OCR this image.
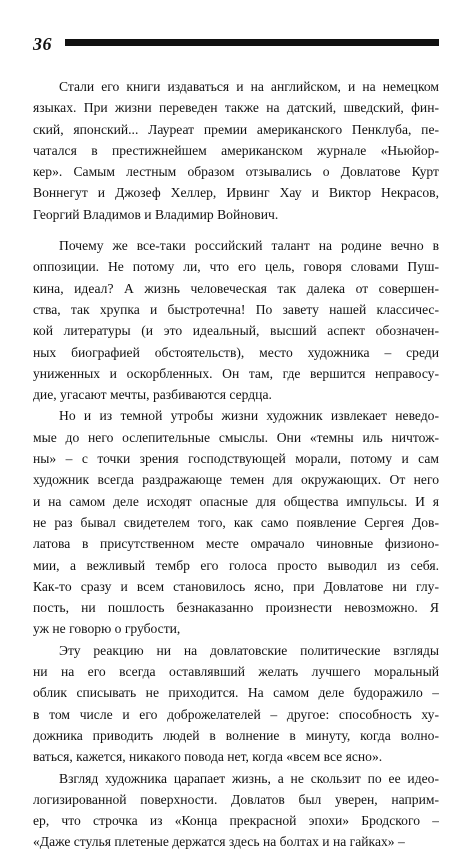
36
Стали его книги издаваться и на английском, и на немецком
языках. При жизни переведен также на датский, шведский, фин-
ский, японский... Лауреат премии американского Пенклуба, пе-
чатался в престижнейшем американском журнале «Ньюйор-
кер». Самым лестным образом отзывались о Довлатове Курт
Воннегут и Джозеф Хеллер, Ирвинг Хау и Виктор Некрасов,
Георгий Владимов и Владимир Войнович.
Почему же все-таки российский талант на родине вечно в
оппозиции. Не потому ли, что его цель, говоря словами Пуш-
кина, идеал? А жизнь человеческая так далека от совершен-
ства, так хрупка и быстротечна! По завету нашей классичес-
кой литературы (и это идеальный, высший аспект обозначен-
ных биографией обстоятельств), место художника – среди
униженных и оскорбленных. Он там, где вершится неправосу-
дие, угасают мечты, разбиваются сердца.
Но и из темной утробы жизни художник извлекает неведо-
мые до него ослепительные смыслы. Они «темны иль ничтож-
ны» – с точки зрения господствующей морали, потому и сам
художник всегда раздражающе темен для окружающих. От него
и на самом деле исходят опасные для общества импульсы. И я
не раз бывал свидетелем того, как само появление Сергея Дов-
латова в присутственном месте омрачало чиновные физионо-
мии, а вежливый тембр его голоса просто выводил из себя.
Как-то сразу и всем становилось ясно, при Довлатове ни глу-
пость, ни пошлость безнаказанно произнести невозможно. Я
уж не говорю о грубости,
Эту реакцию ни на довлатовские политические взгляды
ни на его всегда оставлявший желать лучшего моральный
облик списывать не приходится. На самом деле будоражило –
в том числе и его доброжелателей – другое: способность ху-
дожника приводить людей в волнение в минуту, когда волно-
ваться, кажется, никакого повода нет, когда «всем все ясно».
Взгляд художника царапает жизнь, а не скользит по ее идео-
логизированной поверхности. Довлатов был уверен, наприм-
ер, что строчка из «Конца прекрасной эпохи» Бродского –
«Даже стулья плетеные держатся здесь на болтах и на гайках» –
